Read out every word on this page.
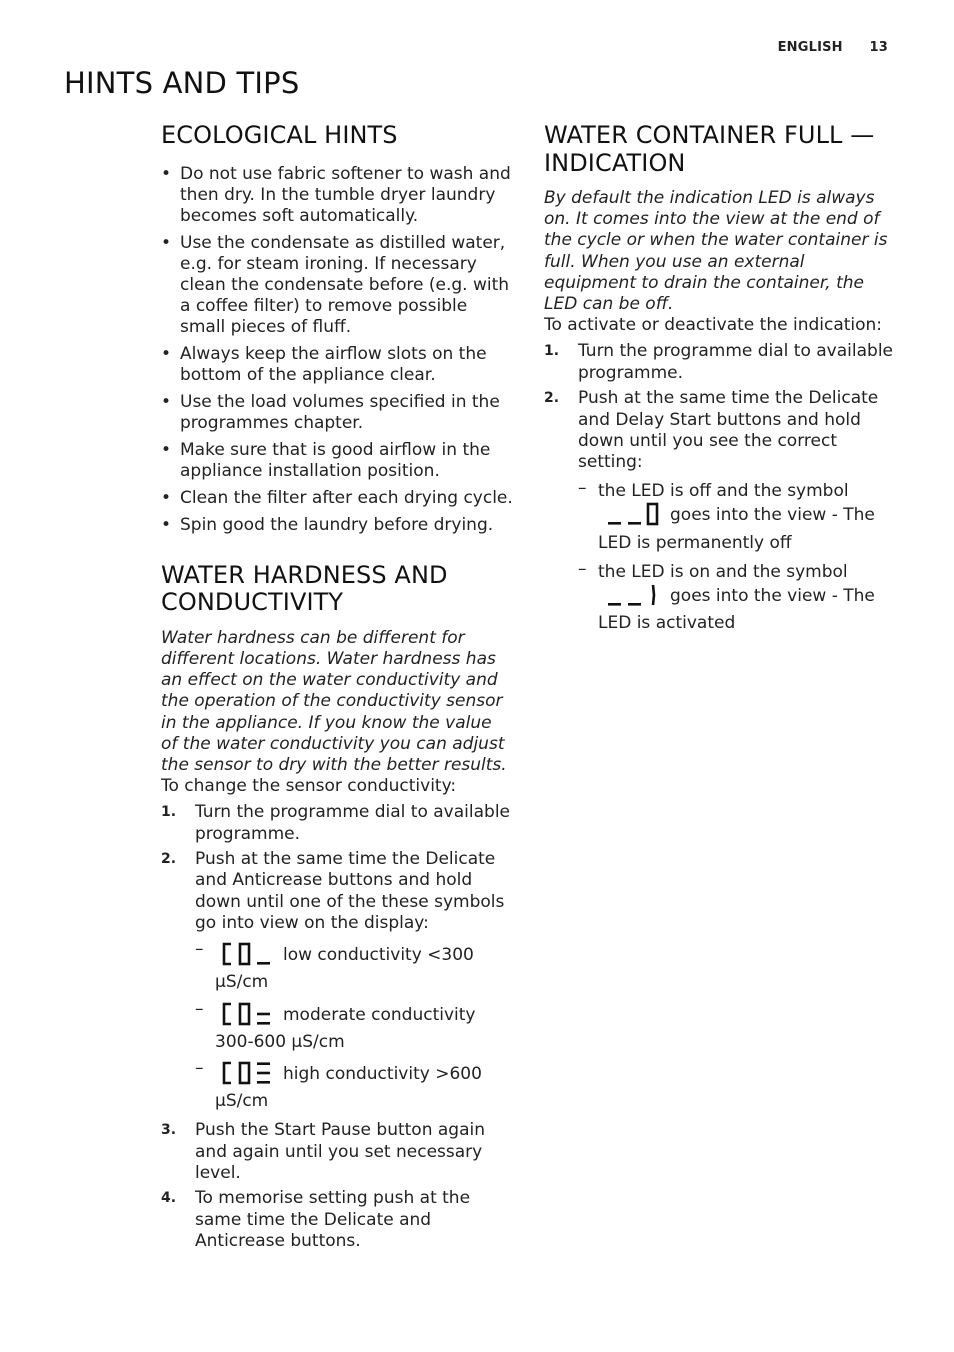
ENGLISH 13
HINTS AND TIPS
ECOLOGICAL HINTS
• Do not use fabric softener to wash and then dry. In the tumble dryer laundry becomes soft automatically.
• Use the condensate as distilled water, e.g. for steam ironing. If necessary clean the condensate before (e.g. with a coffee filter) to remove possible small pieces of fluff.
• Always keep the airflow slots on the bottom of the appliance clear.
• Use the load volumes specified in the programmes chapter.
• Make sure that is good airflow in the appliance installation position.
• Clean the filter after each drying cycle.
• Spin good the laundry before drying.
WATER HARDNESS AND CONDUCTIVITY

Water hardness can be different for different locations. Water hardness has an effect on the water conductivity and the operation of the conductivity sensor in the appliance. If you know the value of the water conductivity you can adjust the sensor to dry with the better results.

To change the sensor conductivity:

1. Turn the programme dial to available programme.
2. Push at the same time the Delicate and Anticrease buttons and hold down until one of the these symbols go into view on the display:
– low conductivity <300 µS/cm
– moderate conductivity 300-600 µS/cm
– high conductivity >600 µS/cm
3. Push the Start Pause button again and again until you set necessary level.
4. To memorise setting push at the same time the Delicate and Anticrease buttons.
WATER CONTAINER FULL — INDICATION

By default the indication LED is always on. It comes into the view at the end of the cycle or when the water container is full. When you use an external equipment to drain the container, the LED can be off.

To activate or deactivate the indication:

1. Turn the programme dial to available programme.
2. Push at the same time the Delicate and Delay Start buttons and hold down until you see the correct setting:
– the LED is off and the symbol
goes into the view - The LED is permanently off
– the LED is on and the symbol
goes into the view - The LED is activated
